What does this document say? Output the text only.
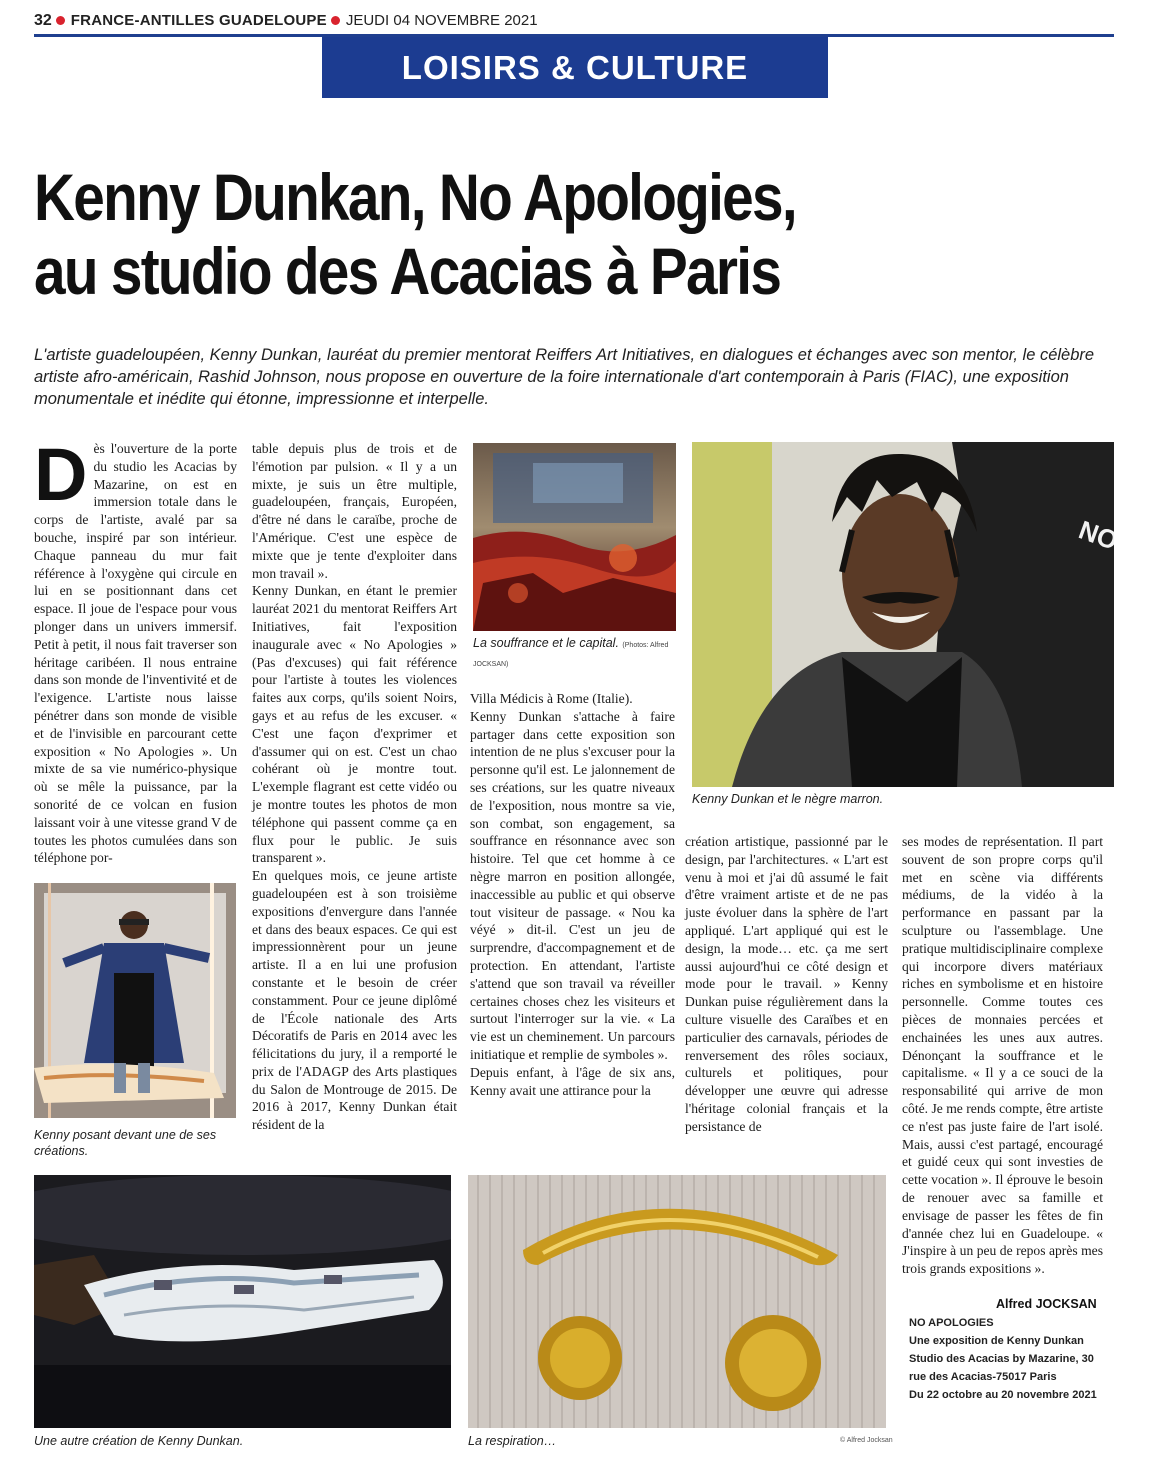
32 FRANCE-ANTILLES GUADELOUPE JEUDI 04 NOVEMBRE 2021
LOISIRS & CULTURE
Kenny Dunkan, No Apologies,
au studio des Acacias à Paris
L'artiste guadeloupéen, Kenny Dunkan, lauréat du premier mentorat Reiffers Art Initiatives, en dialogues et échanges avec son mentor, le célèbre artiste afro-américain, Rashid Johnson, nous propose en ouverture de la foire internationale d'art contemporain à Paris (FIAC), une exposition monumentale et inédite qui étonne, impressionne et interpelle.
D ès l'ouverture de la porte du studio les Acacias by Mazarine, on est en immersion totale dans le corps de l'artiste, avalé par sa bouche, inspiré par son intérieur. Chaque panneau du mur fait référence à l'oxygène qui circule en lui en se positionnant dans cet espace. Il joue de l'espace pour vous plonger dans un univers immersif. Petit à petit, il nous fait traverser son héritage caribéen. Il nous entraine dans son monde de l'inventivité et de l'exigence. L'artiste nous laisse pénétrer dans son monde de visible et de l'invisible en parcourant cette exposition « No Apologies ». Un mixte de sa vie numérico-physique où se mêle la puissance, par la sonorité de ce volcan en fusion laissant voir à une vitesse grand V de toutes les photos cumulées dans son téléphone por-

table depuis plus de trois et de l'émotion par pulsion. « Il y a un mixte, je suis un être multiple, guadeloupéen, français, Européen, d'être né dans le caraïbe, proche de l'Amérique. C'est une espèce de mixte que je tente d'exploiter dans mon travail ».

Kenny Dunkan, en étant le premier lauréat 2021 du mentorat Reiffers Art Initiatives, fait l'exposition inaugurale avec « No Apologies » (Pas d'excuses) qui fait référence pour l'artiste à toutes les violences faites aux corps, qu'ils soient Noirs, gays et au refus de les excuser. « C'est une façon d'exprimer et d'assumer qui on est. C'est un chao cohérant où je montre tout. L'exemple flagrant est cette vidéo ou je montre toutes les photos de mon téléphone qui passent comme ça en flux pour le public. Je suis transparent ».

En quelques mois, ce jeune artiste guadeloupéen est à son troisième expositions d'envergure dans l'année et dans des beaux espaces. Ce qui est impressionnèrent pour un jeune artiste. Il a en lui une profusion constante et le besoin de créer constamment. Pour ce jeune diplômé de l'École nationale des Arts Décoratifs de Paris en 2014 avec les félicitations du jury, il a remporté le prix de l'ADAGP des Arts plastiques du Salon de Montrouge de 2015. De 2016 à 2017, Kenny Dunkan était résident de la

Villa Médicis à Rome (Italie).

Kenny Dunkan s'attache à faire partager dans cette exposition son intention de ne plus s'excuser pour la personne qu'il est. Le jalonnement de ses créations, sur les quatre niveaux de l'exposition, nous montre sa vie, son combat, son engagement, sa souffrance en résonnance avec son histoire. Tel que cet homme à ce nègre marron en position allongée, inaccessible au public et qui observe tout visiteur de passage. « Nou ka véyé » dit-il. C'est un jeu de surprendre, d'accompagnement et de protection. En attendant, l'artiste s'attend que son travail va réveiller certaines choses chez les visiteurs et surtout l'interroger sur la vie. « La vie est un cheminement. Un parcours initiatique et remplie de symboles ».

Depuis enfant, à l'âge de six ans, Kenny avait une attirance pour la

création artistique, passionné par le design, par l'architectures. « L'art est venu à moi et j'ai dû assumé le fait d'être vraiment artiste et de ne pas juste évoluer dans la sphère de l'art appliqué. L'art appliqué qui est le design, la mode… etc. ça me sert aussi aujourd'hui ce côté design et mode pour le travail. » Kenny Dunkan puise régulièrement dans la culture visuelle des Caraïbes et en particulier des carnavals, périodes de renversement des rôles sociaux, culturels et politiques, pour développer une œuvre qui adresse l'héritage colonial français et la persistance de

ses modes de représentation. Il part souvent de son propre corps qu'il met en scène via différents médiums, de la vidéo à la performance en passant par la sculpture ou l'assemblage. Une pratique multidisciplinaire complexe qui incorpore divers matériaux riches en symbolisme et en histoire personnelle. Comme toutes ces pièces de monnaies percées et enchainées les unes aux autres. Dénonçant la souffrance et le capitalisme. « Il y a ce souci de la responsabilité qui arrive de mon côté. Je me rends compte, être artiste ce n'est pas juste faire de l'art isolé. Mais, aussi c'est partagé, encouragé et guidé ceux qui sont investies de cette vocation ». Il éprouve le besoin de renouer avec sa famille et envisage de passer les fêtes de fin d'année chez lui en Guadeloupe. « J'inspire à un peu de repos après mes trois grands expositions ».

La souffrance et le capital. (Photos: Alfred JOCKSAN)
Kenny Dunkan et le nègre marron.
Kenny posant devant une de ses créations.
Une autre création de Kenny Dunkan.	La respiration…	© Alfred Jocksan
Alfred JOCKSAN
NO APOLOGIES
Une exposition de Kenny Dunkan
Studio des Acacias by Mazarine, 30
rue des Acacias-75017 Paris
Du 22 octobre au 20 novembre 2021
